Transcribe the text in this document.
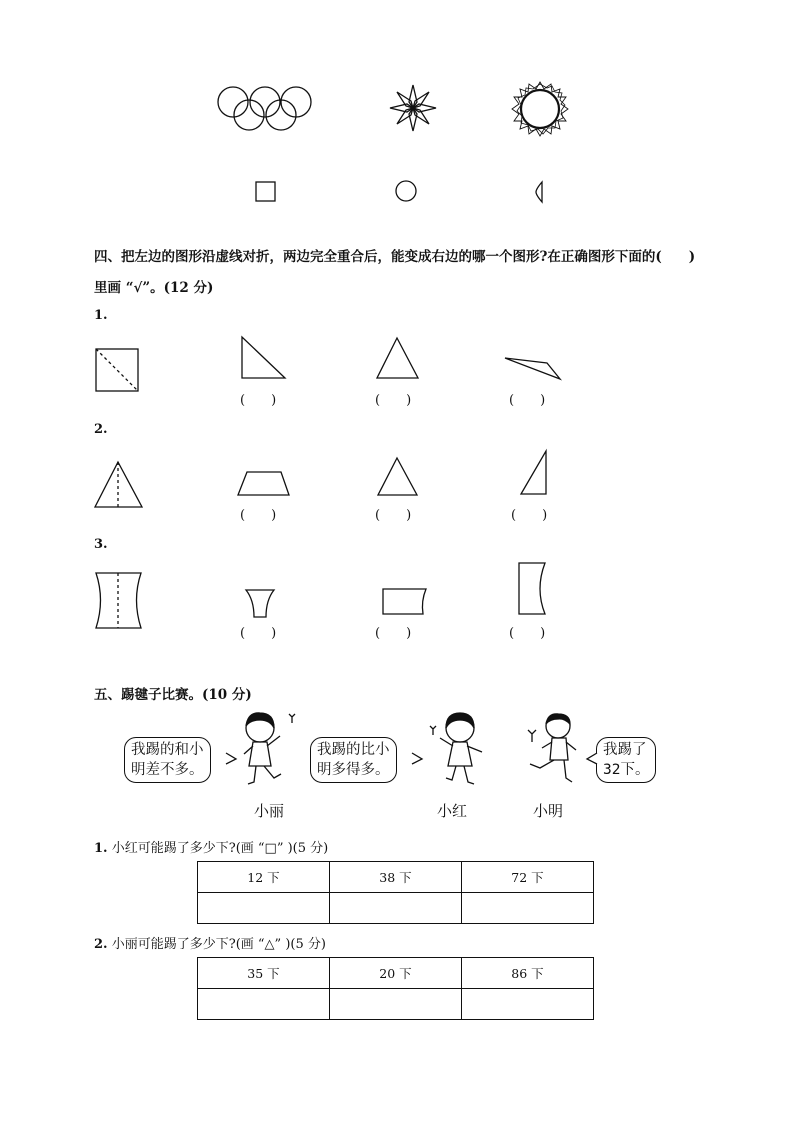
四、把左边的图形沿虚线对折，两边完全重合后，能变成右边的哪一个图形?在正确图形下面的(　　)
里画 “√”。(12 分)
1.
(　　)	(　　)	(　　)
2.
(　　)	(　　)	(　　)
3.
(　　)	(　　)	(　　)
五、踢毽子比赛。(10 分)
我踢的和小
明差不多。
我踢的比小
明多得多。
我踢了
32下。
小丽	小红	小明
1. 小红可能踢了多少下?(画 “□” )(5 分)
12 下	38 下	72 下

2. 小丽可能踢了多少下?(画 “△” )(5 分)
35 下	20 下	86 下
